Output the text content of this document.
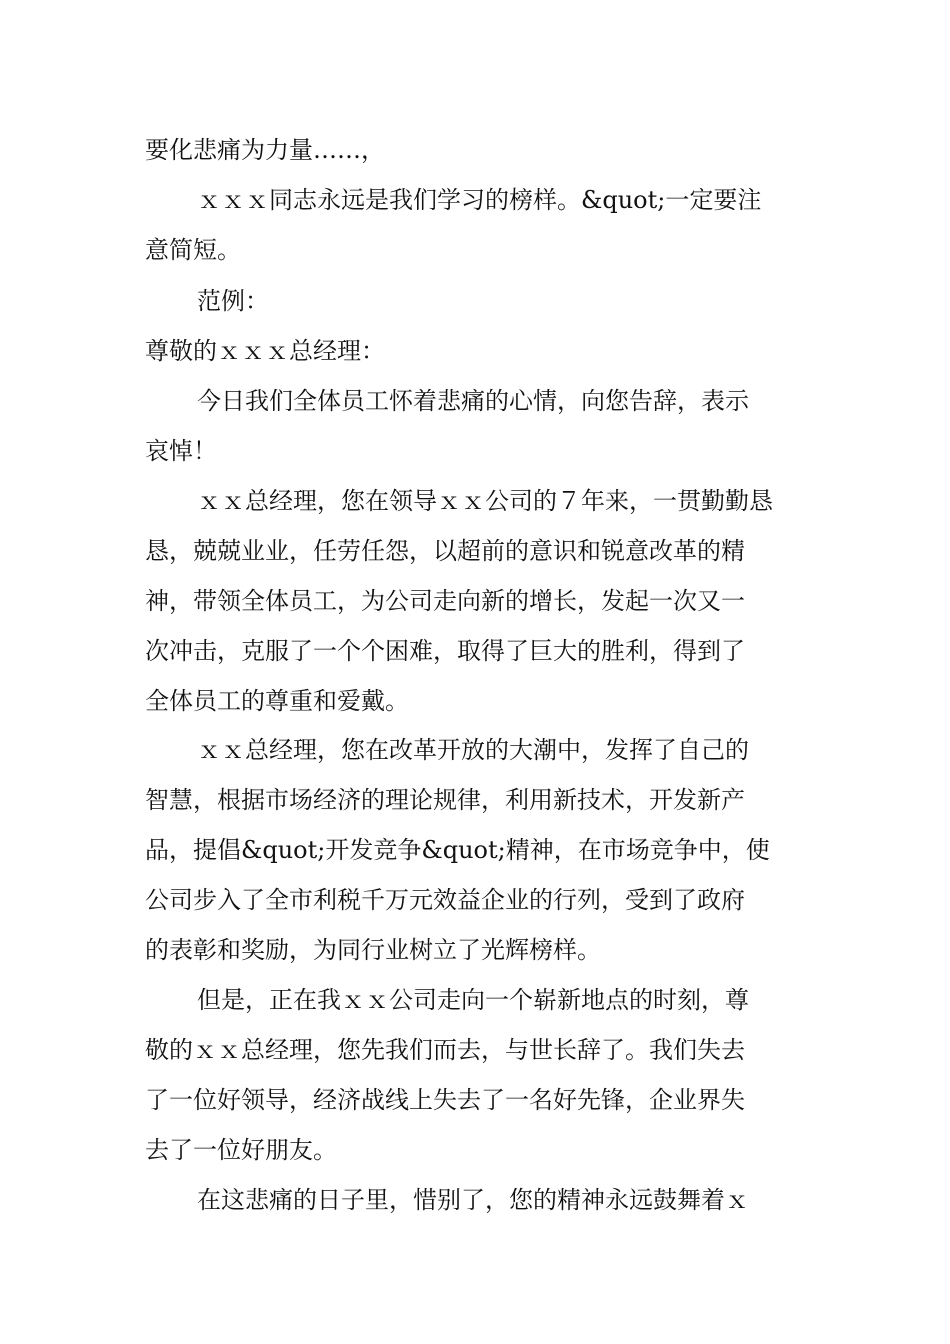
要化悲痛为力量……，
ｘｘｘ同志永远是我们学习的榜样。&quot;一定要注
意简短。
范例：
尊敬的ｘｘｘ总经理：
今日我们全体员工怀着悲痛的心情，向您告辞，表示
哀悼！
ｘｘ总经理，您在领导ｘｘ公司的７年来，一贯勤勤恳
恳，兢兢业业，任劳任怨，以超前的意识和锐意改革的精
神，带领全体员工，为公司走向新的增长，发起一次又一
次冲击，克服了一个个困难，取得了巨大的胜利，得到了
全体员工的尊重和爱戴。
ｘｘ总经理，您在改革开放的大潮中，发挥了自己的
智慧，根据市场经济的理论规律，利用新技术，开发新产
品，提倡&quot;开发竞争&quot;精神，在市场竞争中，使
公司步入了全市利税千万元效益企业的行列，受到了政府
的表彰和奖励，为同行业树立了光辉榜样。
但是，正在我ｘｘ公司走向一个崭新地点的时刻，尊
敬的ｘｘ总经理，您先我们而去，与世长辞了。我们失去
了一位好领导，经济战线上失去了一名好先锋，企业界失
去了一位好朋友。
在这悲痛的日子里，惜别了，您的精神永远鼓舞着ｘ
